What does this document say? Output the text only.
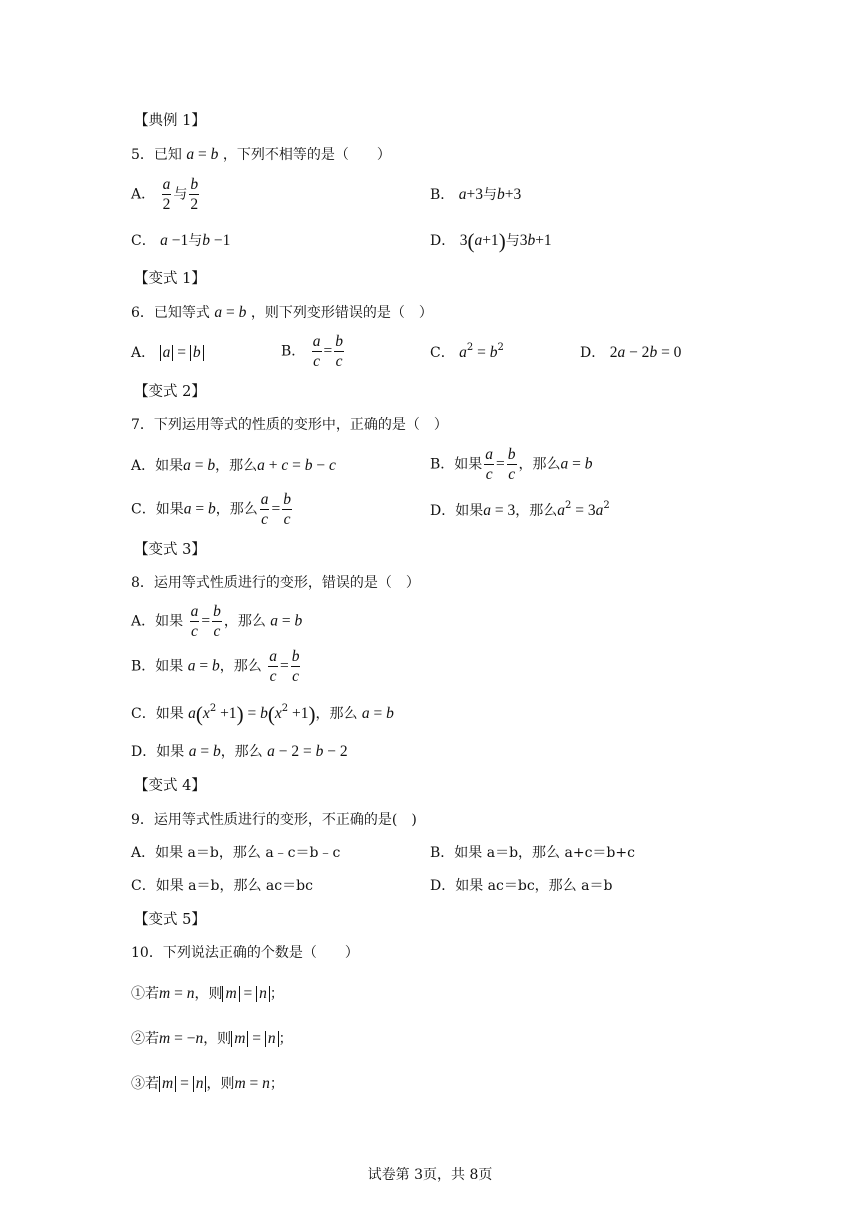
【典例 1】
5．已知 a = b ，下列不相等的是（　　）
A． $\frac{a}{2}$ 与 $\frac{b}{2}$	B． a+3与b+3
C． a −1与b −1	D． 3(a+1)与3b+1
【变式 1】
6．已知等式 a = b ，则下列变形错误的是（　）
A． a = b	B． $\frac{a}{c} = \frac{b}{c}$	C． $a^2 = b^2$	D． 2a − 2b = 0
【变式 2】
7．下列运用等式的性质的变形中，正确的是（　）
A．如果a = b，那么a + c = b − c	B．如果 $\frac{a}{c} = \frac{b}{c}$ ，那么a = b
C．如果a = b，那么 $\frac{a}{c} = \frac{b}{c}$	D．如果a = 3，那么$a^2 = 3a^2$
【变式 3】
8．运用等式性质进行的变形，错误的是（　）
A．如果 $\frac{a}{c} = \frac{b}{c}$ ，那么 a = b
B．如果 a = b，那么 $\frac{a}{c} = \frac{b}{c}$
C．如果 $a(x^2 +1) = b(x^2 +1)$，那么 a = b
D．如果 a = b，那么 a − 2 = b − 2
【变式 4】
9．运用等式性质进行的变形，不正确的是(　)
A．如果 a＝b，那么 a﹣c＝b﹣c	B．如果 a＝b，那么 a+c＝b+c
C．如果 a＝b，那么 ac＝bc	D．如果 ac＝bc，那么 a＝b
【变式 5】
10．下列说法正确的个数是（　　）
①若m = n，则 m = n ；
②若m = −n，则 m = n ；
③若 m = n ，则m = n；
试卷第 3页，共 8页
